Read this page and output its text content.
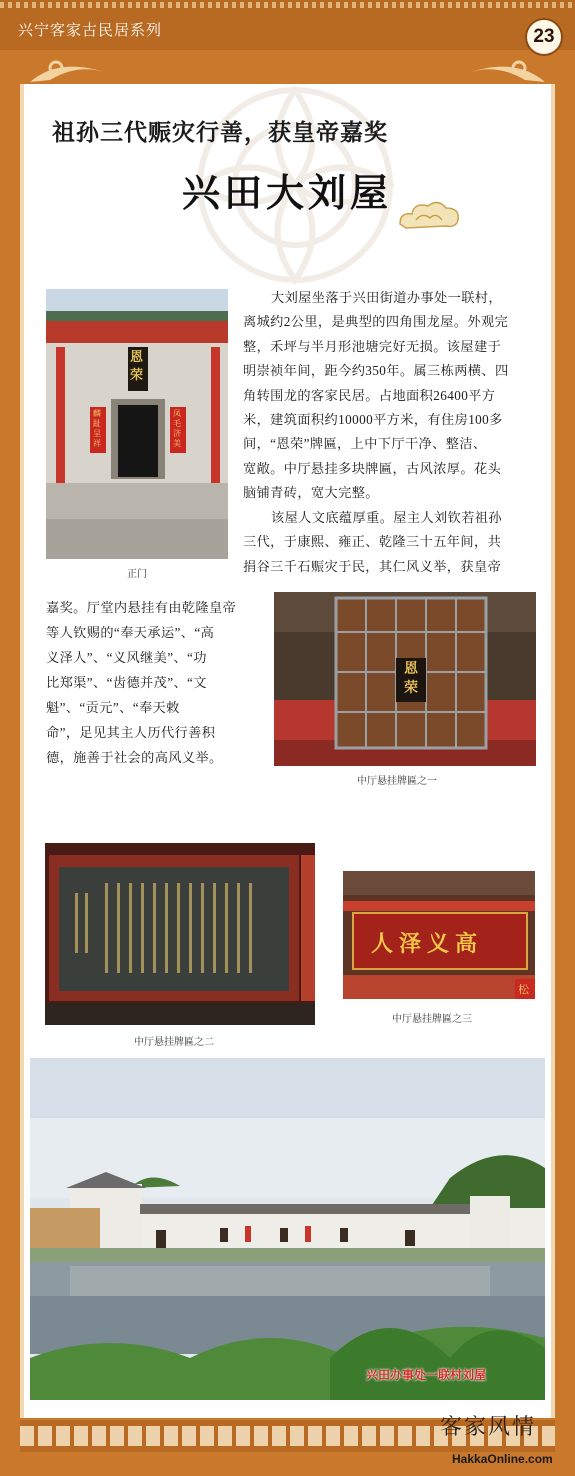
兴宁客家古民居系列	23
祖孙三代赈灾行善，获皇帝嘉奖
兴田大刘屋
恩荣
麟趾呈祥
凤毛济美
正门
大刘屋坐落于兴田街道办事处一联村，
离城约2公里，是典型的四角围龙屋。外观完
整，禾坪与半月形池塘完好无损。该屋建于
明崇祯年间，距今约350年。属三栋两横、四
角转围龙的客家民居。占地面积26400平方
米，建筑面积约10000平方米，有住房100多
间，“恩荣”牌匾，上中下厅干净、整洁、
宽敞。中厅悬挂多块牌匾，古风浓厚。花头
脑铺青砖，宽大完整。
该屋人文底蕴厚重。屋主人刘钦若祖孙
三代，于康熙、雍正、乾隆三十五年间，共
捐谷三千石赈灾于民，其仁风义举，获皇帝
嘉奖。厅堂内悬挂有由乾隆皇帝
等人钦赐的“奉天承运”、“高
义泽人”、“义风继美”、“功
比郑渠”、“齿德并茂”、“文
魁”、“贡元”、“奉天敕
命”，足见其主人历代行善积
德，施善于社会的高风义举。
恩荣
中厅悬挂牌匾之一
中厅悬挂牌匾之二
人泽义高
松
中厅悬挂牌匾之三
兴田办事处一联村刘屋
客家风情
HakkaOnline.com
